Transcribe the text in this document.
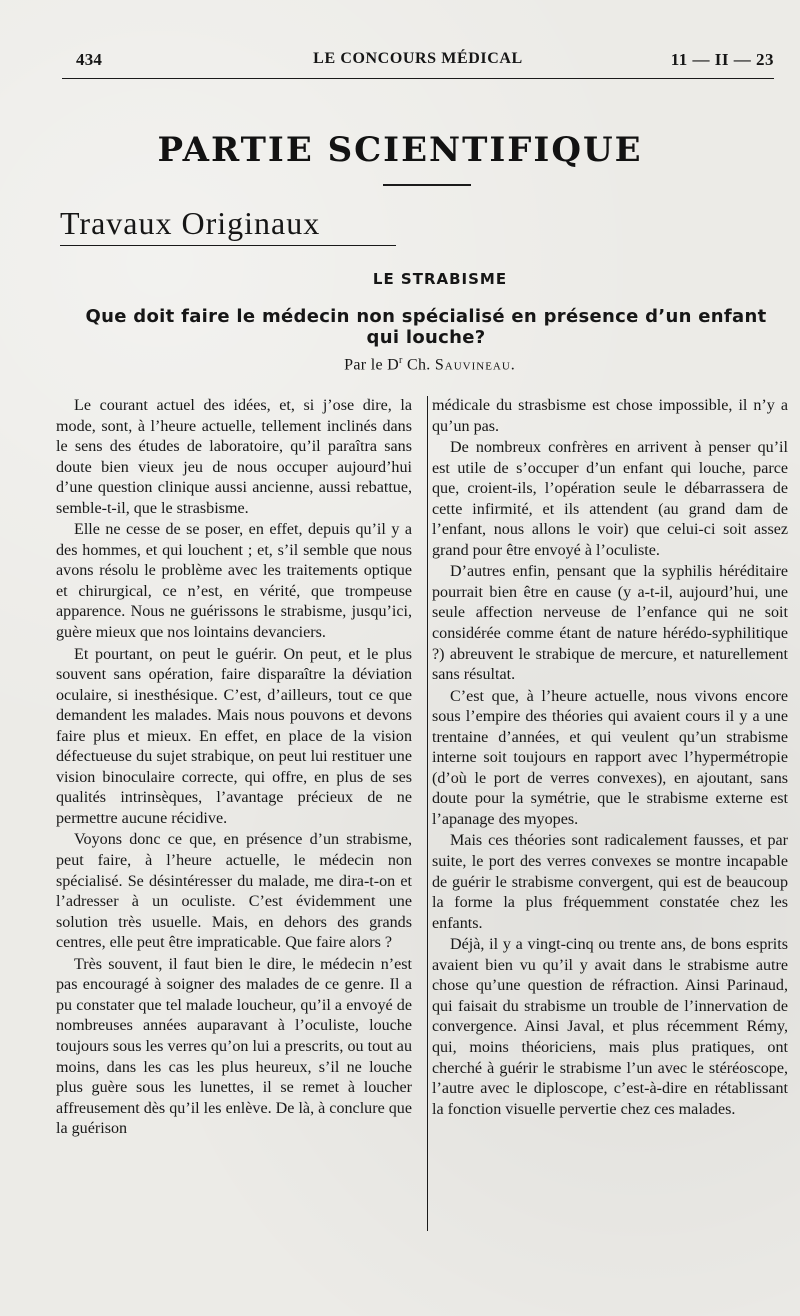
434	LE CONCOURS MÉDICAL	11 — II — 23
PARTIE SCIENTIFIQUE
Travaux Originaux
LE STRABISME
Que doit faire le médecin non spécialisé en présence d’un enfant qui louche?
Par le $D^r$ Ch. Sauvineau.

Le courant actuel des idées, et, si j’ose dire, la mode, sont, à l’heure actuelle, tellement inclinés dans le sens des études de laboratoire, qu’il paraîtra sans doute bien vieux jeu de nous occuper aujourd’hui d’une question clinique aussi ancienne, aussi rebattue, semble-t-il, que le strasbisme.

Elle ne cesse de se poser, en effet, depuis qu’il y a des hommes, et qui louchent ; et, s’il semble que nous avons résolu le problème avec les traitements optique et chirurgical, ce n’est, en vérité, que trompeuse apparence. Nous ne guérissons le strabisme, jusqu’ici, guère mieux que nos lointains devanciers.

Et pourtant, on peut le guérir. On peut, et le plus souvent sans opération, faire disparaître la déviation oculaire, si inesthésique. C’est, d’ailleurs, tout ce que demandent les malades. Mais nous pouvons et devons faire plus et mieux. En effet, en place de la vision défectueuse du sujet strabique, on peut lui restituer une vision binoculaire correcte, qui offre, en plus de ses qualités intrinsèques, l’avantage précieux de ne permettre aucune récidive.

Voyons donc ce que, en présence d’un strabisme, peut faire, à l’heure actuelle, le médecin non spécialisé. Se désintéresser du malade, me dira-t-on et l’adresser à un oculiste. C’est évidemment une solution très usuelle. Mais, en dehors des grands centres, elle peut être impraticable. Que faire alors ?

Très souvent, il faut bien le dire, le médecin n’est pas encouragé à soigner des malades de ce genre. Il a pu constater que tel malade loucheur, qu’il a envoyé de nombreuses années auparavant à l’oculiste, louche toujours sous les verres qu’on lui a prescrits, ou tout au moins, dans les cas les plus heureux, s’il ne louche plus guère sous les lunettes, il se remet à loucher affreusement dès qu’il les enlève. De là, à conclure que la guérison

médicale du strasbisme est chose impossible, il n’y a qu’un pas.

De nombreux confrères en arrivent à penser qu’il est utile de s’occuper d’un enfant qui louche, parce que, croient-ils, l’opération seule le débarrassera de cette infirmité, et ils attendent (au grand dam de l’enfant, nous allons le voir) que celui-ci soit assez grand pour être envoyé à l’oculiste.

D’autres enfin, pensant que la syphilis héréditaire pourrait bien être en cause (y a-t-il, aujourd’hui, une seule affection nerveuse de l’enfance qui ne soit considérée comme étant de nature hérédo-syphilitique ?) abreuvent le strabique de mercure, et naturellement sans résultat.

C’est que, à l’heure actuelle, nous vivons encore sous l’empire des théories qui avaient cours il y a une trentaine d’années, et qui veulent qu’un strabisme interne soit toujours en rapport avec l’hypermétropie (d’où le port de verres convexes), en ajoutant, sans doute pour la symétrie, que le strabisme externe est l’apanage des myopes.

Mais ces théories sont radicalement fausses, et par suite, le port des verres convexes se montre incapable de guérir le strabisme convergent, qui est de beaucoup la forme la plus fréquemment constatée chez les enfants.

Déjà, il y a vingt-cinq ou trente ans, de bons esprits avaient bien vu qu’il y avait dans le strabisme autre chose qu’une question de réfraction. Ainsi Parinaud, qui faisait du strabisme un trouble de l’innervation de convergence. Ainsi Javal, et plus récemment Rémy, qui, moins théoriciens, mais plus pratiques, ont cherché à guérir le strabisme l’un avec le stéréoscope, l’autre avec le diploscope, c’est-à-dire en rétablissant la fonction visuelle pervertie chez ces malades.
